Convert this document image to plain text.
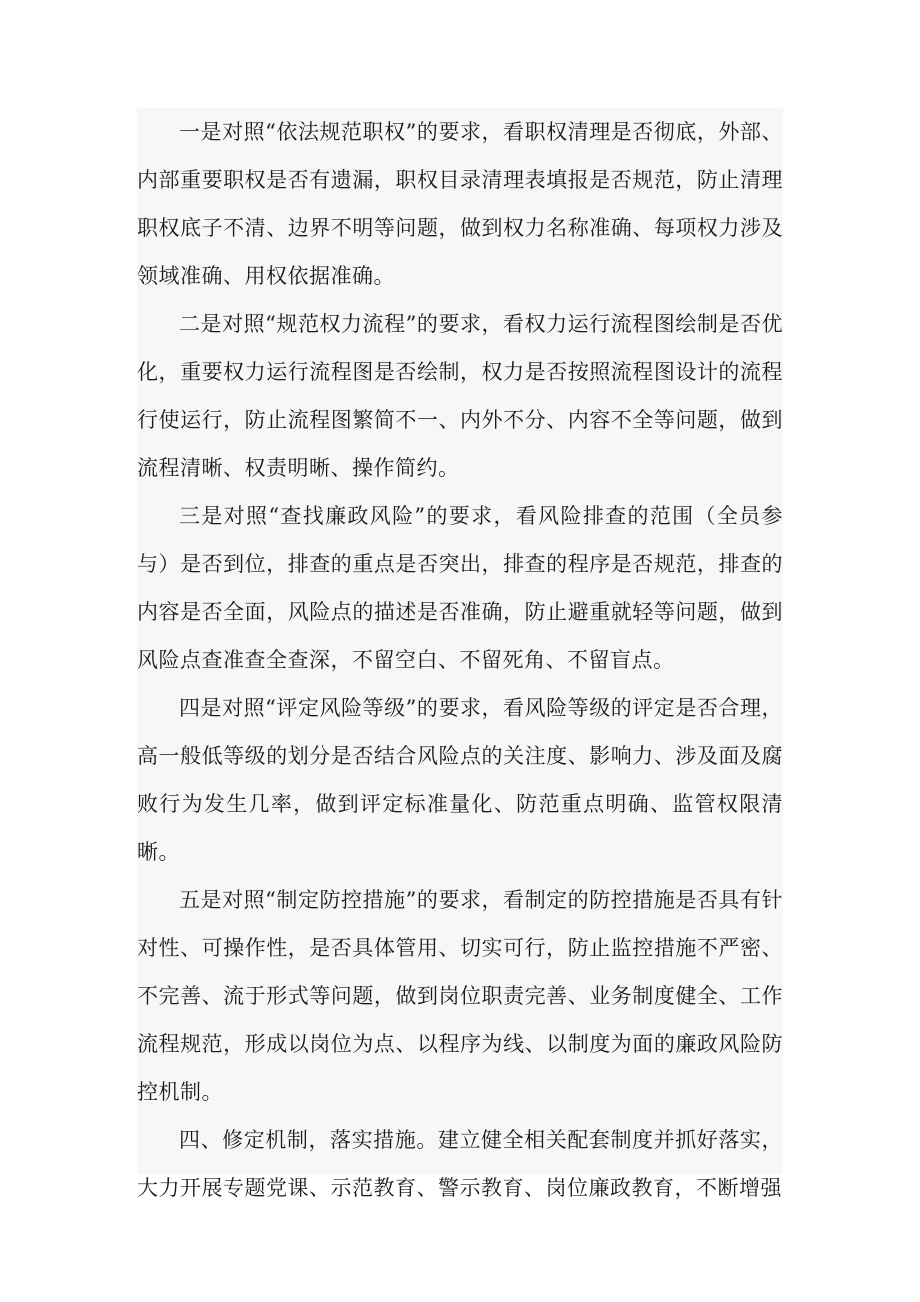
一是对照“依法规范职权”的要求，看职权清理是否彻底，外部、内部重要职权是否有遗漏，职权目录清理表填报是否规范，防止清理职权底子不清、边界不明等问题，做到权力名称准确、每项权力涉及领域准确、用权依据准确。

二是对照“规范权力流程”的要求，看权力运行流程图绘制是否优化，重要权力运行流程图是否绘制，权力是否按照流程图设计的流程行使运行，防止流程图繁简不一、内外不分、内容不全等问题，做到流程清晰、权责明晰、操作简约。

三是对照“查找廉政风险”的要求，看风险排查的范围（全员参与）是否到位，排查的重点是否突出，排查的程序是否规范，排查的内容是否全面，风险点的描述是否准确，防止避重就轻等问题，做到风险点查准查全查深，不留空白、不留死角、不留盲点。

四是对照“评定风险等级”的要求，看风险等级的评定是否合理，高一般低等级的划分是否结合风险点的关注度、影响力、涉及面及腐败行为发生几率，做到评定标准量化、防范重点明确、监管权限清晰。

五是对照“制定防控措施”的要求，看制定的防控措施是否具有针对性、可操作性，是否具体管用、切实可行，防止监控措施不严密、不完善、流于形式等问题，做到岗位职责完善、业务制度健全、工作流程规范，形成以岗位为点、以程序为线、以制度为面的廉政风险防控机制。

四、修定机制，落实措施。建立健全相关配套制度并抓好落实，大力开展专题党课、示范教育、警示教育、岗位廉政教育，不断增强
